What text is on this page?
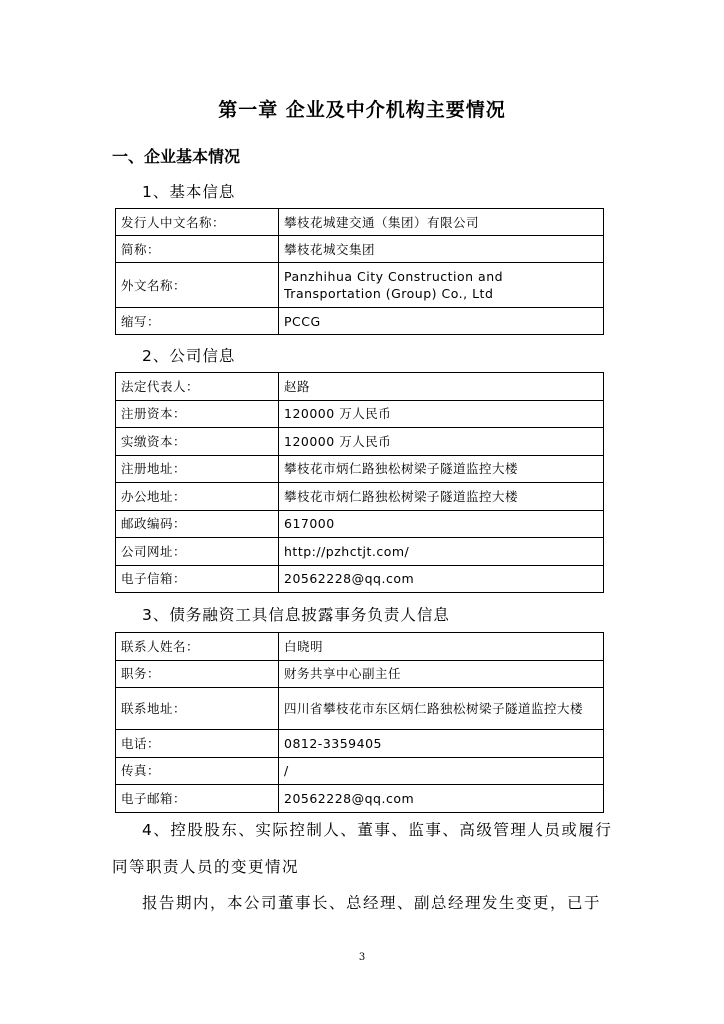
第一章 企业及中介机构主要情况
一、企业基本情况
1、基本信息
发行人中文名称：	攀枝花城建交通（集团）有限公司
简称：	攀枝花城交集团
外文名称：	Panzhihua City Construction and Transportation (Group) Co., Ltd
缩写：	PCCG
2、公司信息
法定代表人：	赵路
注册资本：	120000 万人民币
实缴资本：	120000 万人民币
注册地址：	攀枝花市炳仁路独松树梁子隧道监控大楼
办公地址：	攀枝花市炳仁路独松树梁子隧道监控大楼
邮政编码：	617000
公司网址：	http://pzhctjt.com/
电子信箱：	20562228@qq.com
3、债务融资工具信息披露事务负责人信息
联系人姓名：	白晓明
职务：	财务共享中心副主任
联系地址：	四川省攀枝花市东区炳仁路独松树梁子隧道监控大楼
电话：	0812-3359405
传真：	/
电子邮箱：	20562228@qq.com
4、控股股东、实际控制人、董事、监事、高级管理人员或履行
同等职责人员的变更情况
报告期内，本公司董事长、总经理、副总经理发生变更，已于
3
